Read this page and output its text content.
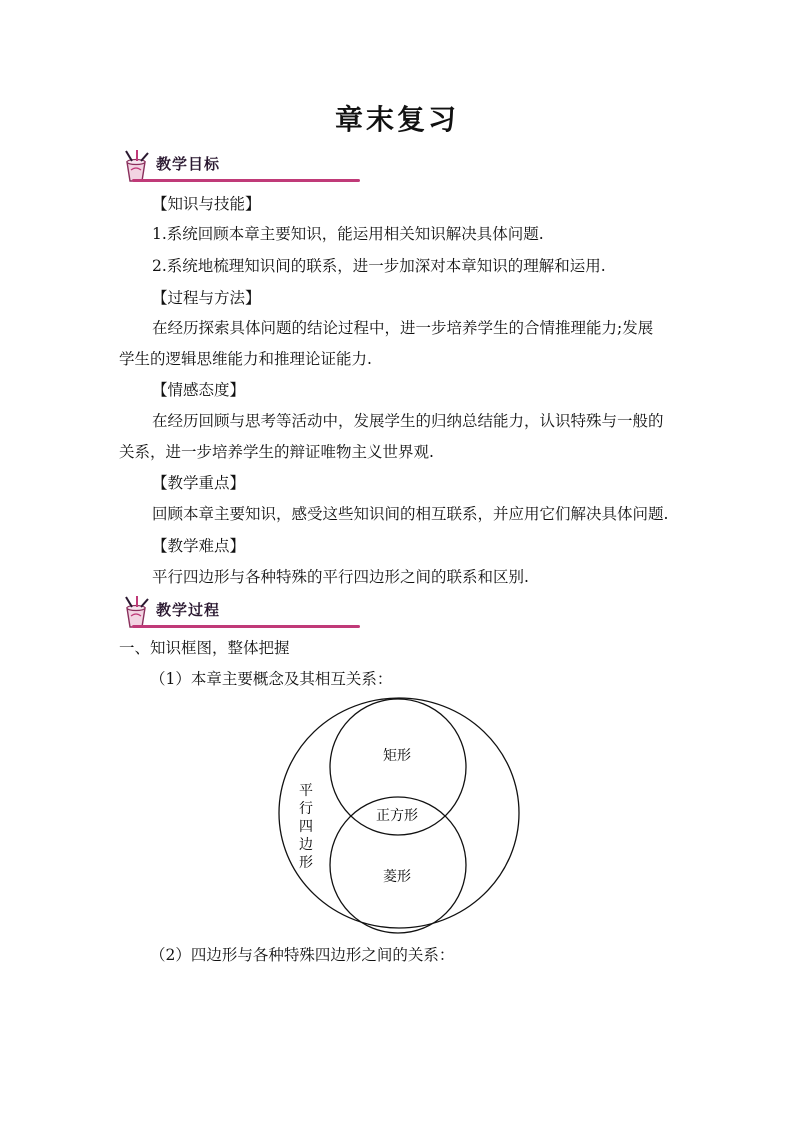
章末复习
教学目标
【知识与技能】
1.系统回顾本章主要知识，能运用相关知识解决具体问题.
2.系统地梳理知识间的联系，进一步加深对本章知识的理解和运用.
【过程与方法】
在经历探索具体问题的结论过程中，进一步培养学生的合情推理能力;发展
学生的逻辑思维能力和推理论证能力.
【情感态度】
在经历回顾与思考等活动中，发展学生的归纳总结能力，认识特殊与一般的
关系，进一步培养学生的辩证唯物主义世界观.
【教学重点】
回顾本章主要知识，感受这些知识间的相互联系，并应用它们解决具体问题.
【教学难点】
平行四边形与各种特殊的平行四边形之间的联系和区别.
教学过程
一、知识框图，整体把握
（1）本章主要概念及其相互关系：
平
行
四
边
形
矩形
正方形
菱形
（2）四边形与各种特殊四边形之间的关系：
